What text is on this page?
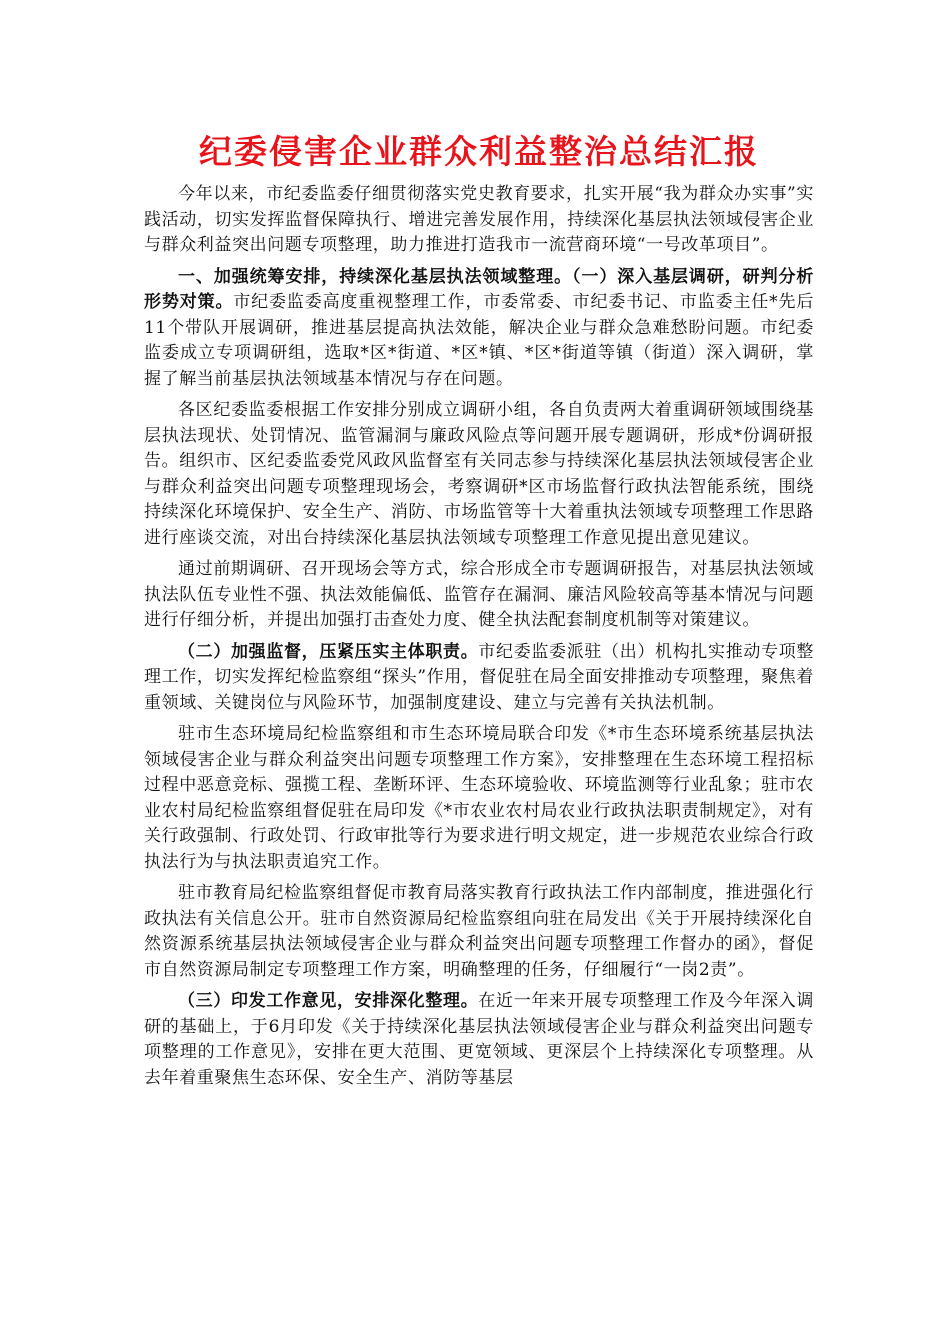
纪委侵害企业群众利益整治总结汇报

今年以来，市纪委监委仔细贯彻落实党史教育要求，扎实开展“我为群众办实事”实践活动，切实发挥监督保障执行、增进完善发展作用，持续深化基层执法领域侵害企业与群众利益突出问题专项整理，助力推进打造我市一流营商环境“一号改革项目”。

一、加强统筹安排，持续深化基层执法领域整理。（一）深入基层调研，研判分析形势对策。市纪委监委高度重视整理工作，市委常委、市纪委书记、市监委主任*先后11个带队开展调研，推进基层提高执法效能，解决企业与群众急难愁盼问题。市纪委监委成立专项调研组，选取*区*街道、*区*镇、*区*街道等镇（街道）深入调研，掌握了解当前基层执法领域基本情况与存在问题。

各区纪委监委根据工作安排分别成立调研小组，各自负责两大着重调研领域围绕基层执法现状、处罚情况、监管漏洞与廉政风险点等问题开展专题调研，形成*份调研报告。组织市、区纪委监委党风政风监督室有关同志参与持续深化基层执法领域侵害企业与群众利益突出问题专项整理现场会，考察调研*区市场监督行政执法智能系统，围绕持续深化环境保护、安全生产、消防、市场监管等十大着重执法领域专项整理工作思路进行座谈交流，对出台持续深化基层执法领域专项整理工作意见提出意见建议。

通过前期调研、召开现场会等方式，综合形成全市专题调研报告，对基层执法领域执法队伍专业性不强、执法效能偏低、监管存在漏洞、廉洁风险较高等基本情况与问题进行仔细分析，并提出加强打击查处力度、健全执法配套制度机制等对策建议。

（二）加强监督，压紧压实主体职责。市纪委监委派驻（出）机构扎实推动专项整理工作，切实发挥纪检监察组“探头”作用，督促驻在局全面安排推动专项整理，聚焦着重领域、关键岗位与风险环节，加强制度建设、建立与完善有关执法机制。

驻市生态环境局纪检监察组和市生态环境局联合印发《*市生态环境系统基层执法领域侵害企业与群众利益突出问题专项整理工作方案》，安排整理在生态环境工程招标过程中恶意竞标、强揽工程、垄断环评、生态环境验收、环境监测等行业乱象；驻市农业农村局纪检监察组督促驻在局印发《*市农业农村局农业行政执法职责制规定》，对有关行政强制、行政处罚、行政审批等行为要求进行明文规定，进一步规范农业综合行政执法行为与执法职责追究工作。

驻市教育局纪检监察组督促市教育局落实教育行政执法工作内部制度，推进强化行政执法有关信息公开。驻市自然资源局纪检监察组向驻在局发出《关于开展持续深化自然资源系统基层执法领域侵害企业与群众利益突出问题专项整理工作督办的函》，督促市自然资源局制定专项整理工作方案，明确整理的任务，仔细履行“一岗2责”。

（三）印发工作意见，安排深化整理。在近一年来开展专项整理工作及今年深入调研的基础上，于6月印发《关于持续深化基层执法领域侵害企业与群众利益突出问题专项整理的工作意见》，安排在更大范围、更宽领域、更深层个上持续深化专项整理。从去年着重聚焦生态环保、安全生产、消防等基层
